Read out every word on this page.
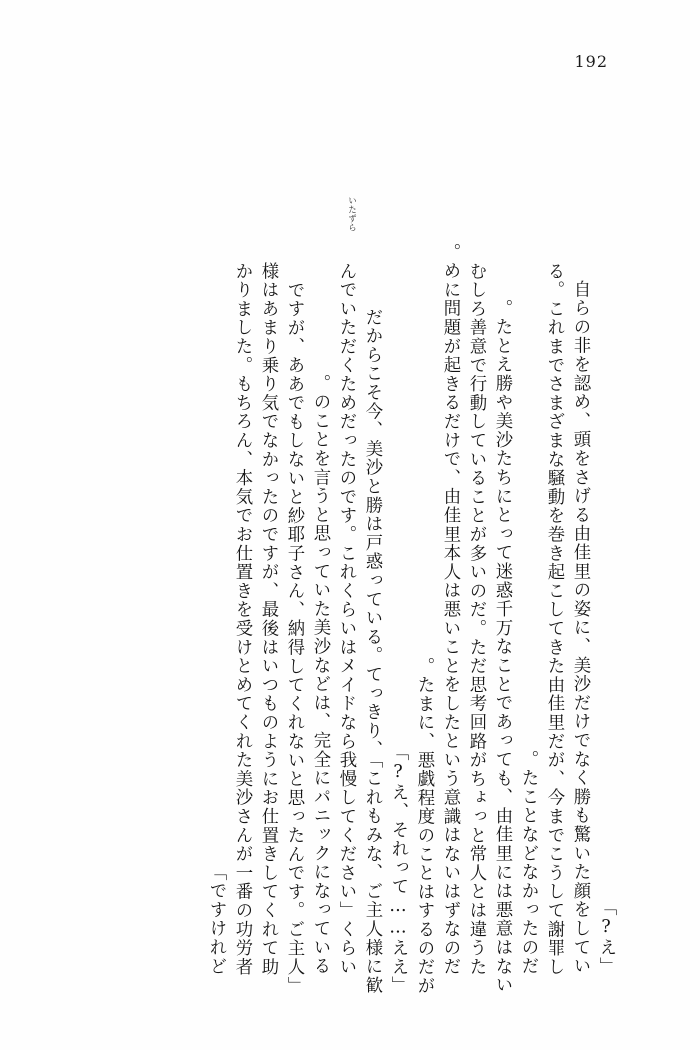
192
「え?」
自らの非を認め、頭をさげる由佳里の姿に、美沙だけでなく勝も驚いた顔をしてい
る。これまでさまざまな騒動を巻き起こしてきた由佳里だが、今までこうして謝罪し
たことなどなかったのだ。
たとえ勝や美沙たちにとって迷惑千万なことであっても、由佳里には悪意はない。
むしろ善意で行動していることが多いのだ。ただ思考回路がちょっと常人とは違うた
めに問題が起きるだけで、由佳里本人は悪いことをしたという意識はないはずなのだ。
たまに、悪戯程度のことはするのだが。
「え、それって……ええ?」
だからこそ今、美沙と勝は戸惑っている。てっきり、「これもみな、ご主人様に歓
んでいただくためだったのです。これくらいはメイドなら我慢してください」くらい
のことを言うと思っていた美沙などは、完全にパニックになっている。
「ですが、ああでもしないと紗耶子さん、納得してくれないと思ったんです。ご主人
様はあまり乗り気でなかったのですが、最後はいつものようにお仕置きしてくれて助
かりました。もちろん、本気でお仕置きを受けとめてくれた美沙さんが一番の功労者
ですけれど」
いたずら
